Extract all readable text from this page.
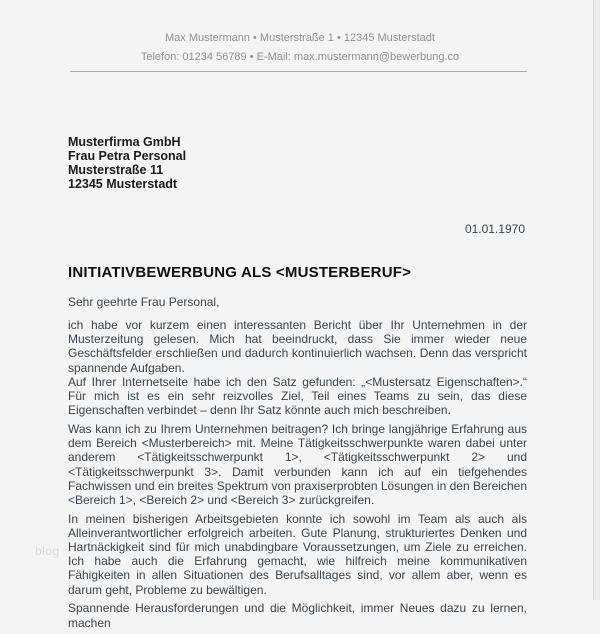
blog
Max Mustermann • Musterstraße 1 • 12345 Musterstadt
Telefon: 01234 56789 • E-Mail: max.mustermann@bewerbung.co
Musterfirma GmbH
Frau Petra Personal
Musterstraße 11
12345 Musterstadt
01.01.1970
INITIATIVBEWERBUNG ALS <MUSTERBERUF>
Sehr geehrte Frau Personal,

ich habe vor kurzem einen interessanten Bericht über Ihr Unternehmen in der Musterzeitung gelesen. Mich hat beeindruckt, dass Sie immer wieder neue Geschäftsfelder erschließen und dadurch kontinuierlich wachsen. Denn das verspricht spannende Aufgaben.
Auf Ihrer Internetseite habe ich den Satz gefunden: „<Mustersatz Eigenschaften>.“ Für mich ist es ein sehr reizvolles Ziel, Teil eines Teams zu sein, das diese Eigenschaften verbindet – denn Ihr Satz könnte auch mich beschreiben.

Was kann ich zu Ihrem Unternehmen beitragen? Ich bringe langjährige Erfahrung aus dem Bereich <Musterbereich> mit. Meine Tätigkeitsschwerpunkte waren dabei unter anderem <Tätigkeitsschwerpunkt 1>, <Tätigkeitsschwerpunkt 2> und <Tätigkeitsschwerpunkt 3>. Damit verbunden kann ich auf ein tiefgehendes Fachwissen und ein breites Spektrum von praxiserprobten Lösungen in den Bereichen <Bereich 1>, <Bereich 2> und <Bereich 3> zurückgreifen.

In meinen bisherigen Arbeitsgebieten konnte ich sowohl im Team als auch als Alleinverantwortlicher erfolgreich arbeiten. Gute Planung, strukturiertes Denken und Hartnäckigkeit sind für mich unabdingbare Voraussetzungen, um Ziele zu erreichen. Ich habe auch die Erfahrung gemacht, wie hilfreich meine kommunikativen Fähigkeiten in allen Situationen des Berufsalltages sind, vor allem aber, wenn es darum geht, Probleme zu bewältigen.

Spannende Herausforderungen und die Möglichkeit, immer Neues dazu zu lernen, machen
